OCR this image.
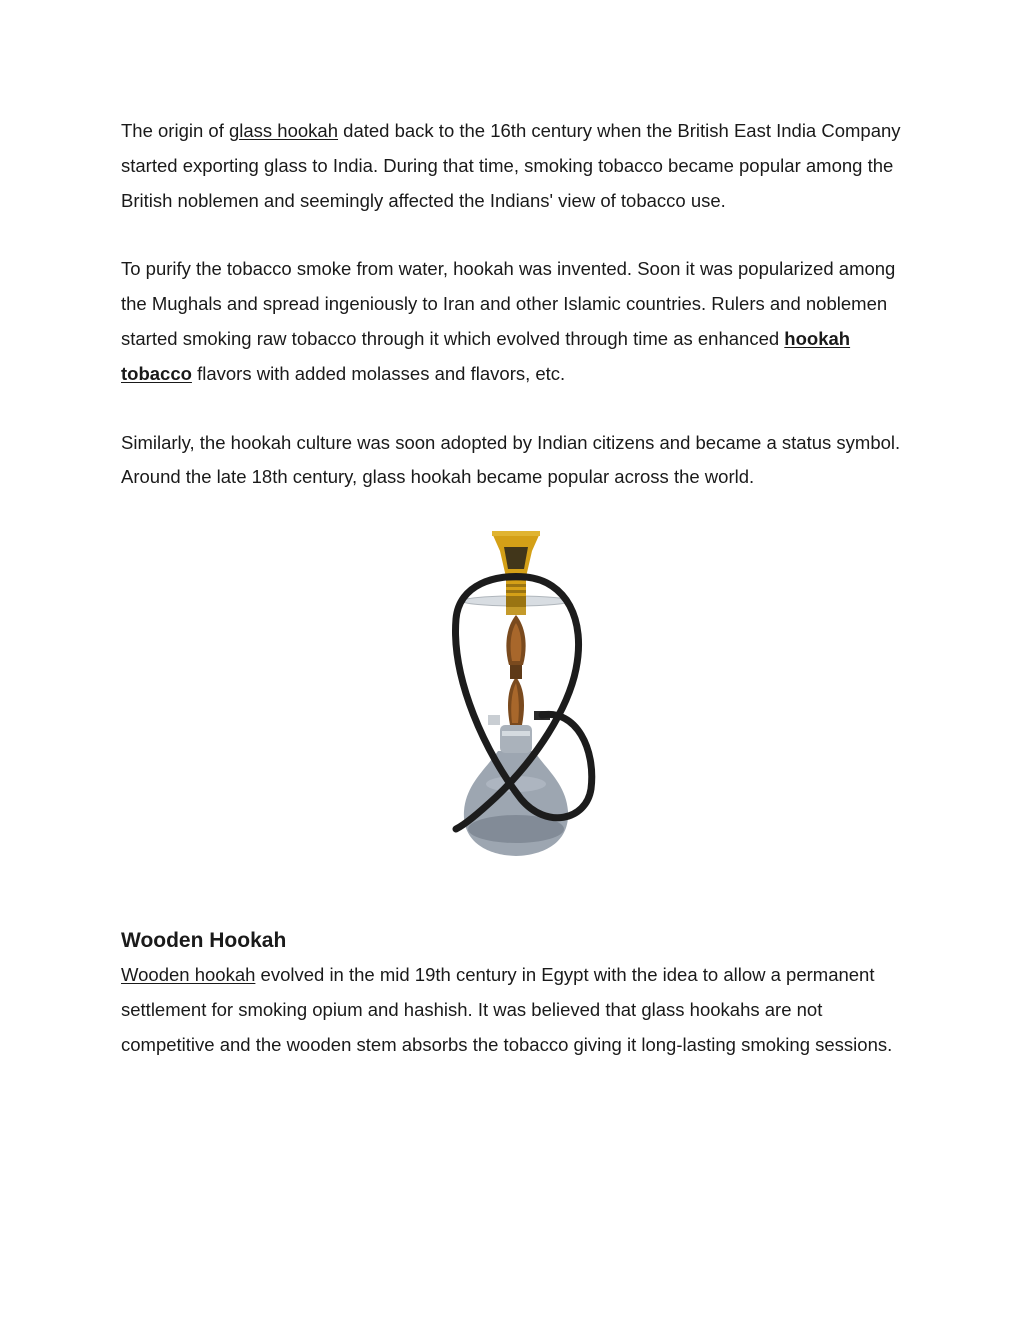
The origin of glass hookah dated back to the 16th century when the British East India Company started exporting glass to India. During that time, smoking tobacco became popular among the British noblemen and seemingly affected the Indians' view of tobacco use.

To purify the tobacco smoke from water, hookah was invented. Soon it was popularized among the Mughals and spread ingeniously to Iran and other Islamic countries. Rulers and noblemen started smoking raw tobacco through it which evolved through time as enhanced hookah tobacco flavors with added molasses and flavors, etc.

Similarly, the hookah culture was soon adopted by Indian citizens and became a status symbol. Around the late 18th century, glass hookah became popular across the world.

Wooden Hookah

Wooden hookah evolved in the mid 19th century in Egypt with the idea to allow a permanent settlement for smoking opium and hashish. It was believed that glass hookahs are not competitive and the wooden stem absorbs the tobacco giving it long-lasting smoking sessions.
